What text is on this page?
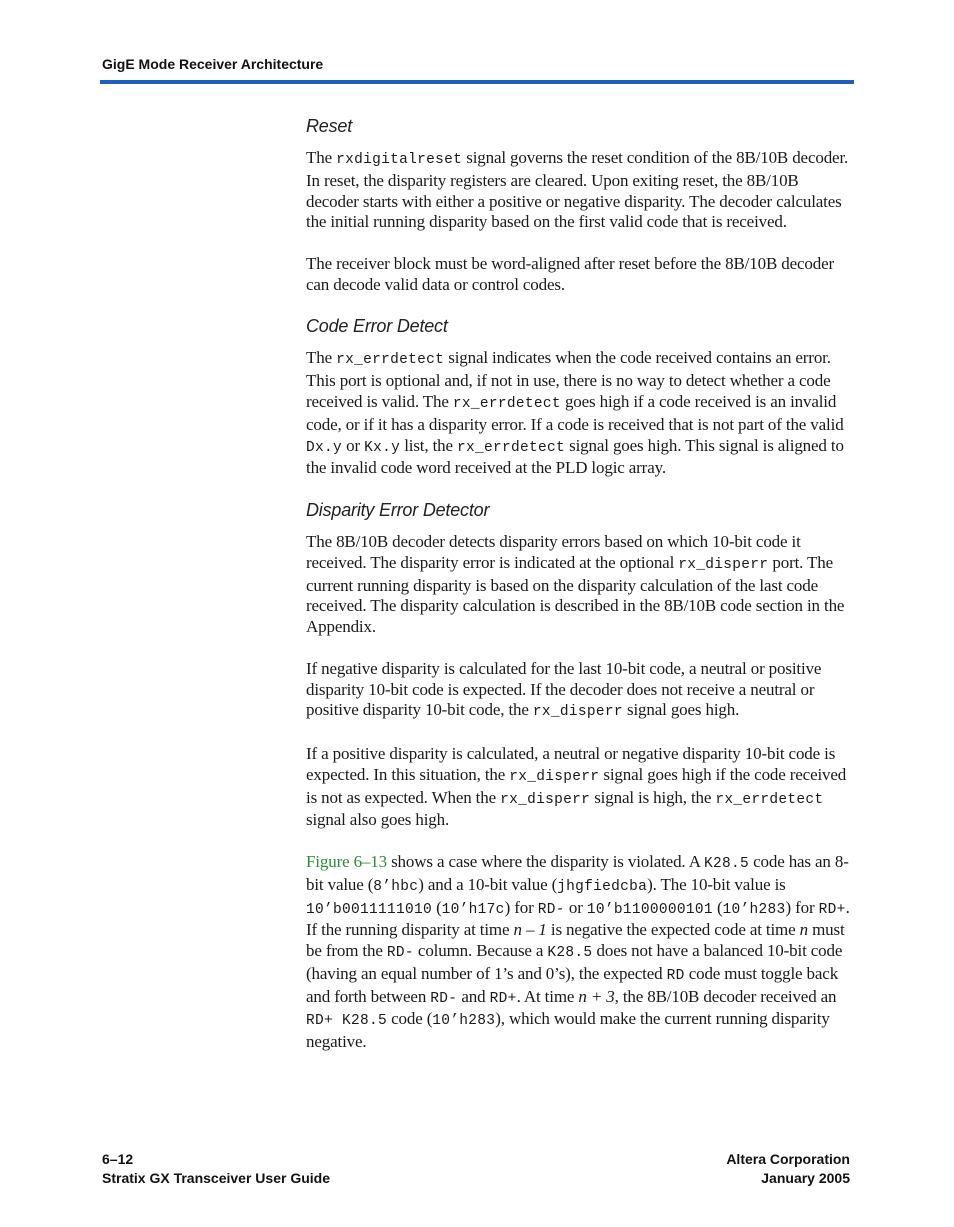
GigE Mode Receiver Architecture
Reset

The rxdigitalreset signal governs the reset condition of the 8B/10B decoder. In reset, the disparity registers are cleared. Upon exiting reset, the 8B/10B decoder starts with either a positive or negative disparity. The decoder calculates the initial running disparity based on the first valid code that is received.

The receiver block must be word-aligned after reset before the 8B/10B decoder can decode valid data or control codes.

Code Error Detect

The rx_errdetect signal indicates when the code received contains an error. This port is optional and, if not in use, there is no way to detect whether a code received is valid. The rx_errdetect goes high if a code received is an invalid code, or if it has a disparity error. If a code is received that is not part of the valid Dx.y or Kx.y list, the rx_errdetect signal goes high. This signal is aligned to the invalid code word received at the PLD logic array.

Disparity Error Detector

The 8B/10B decoder detects disparity errors based on which 10-bit code it received. The disparity error is indicated at the optional rx_disperr port. The current running disparity is based on the disparity calculation of the last code received. The disparity calculation is described in the 8B/10B code section in the Appendix.

If negative disparity is calculated for the last 10-bit code, a neutral or positive disparity 10-bit code is expected. If the decoder does not receive a neutral or positive disparity 10-bit code, the rx_disperr signal goes high.

If a positive disparity is calculated, a neutral or negative disparity 10-bit code is expected. In this situation, the rx_disperr signal goes high if the code received is not as expected. When the rx_disperr signal is high, the rx_errdetect signal also goes high.

Figure 6–13 shows a case where the disparity is violated. A K28.5 code has an 8-bit value (8’hbc) and a 10-bit value (jhgfiedcba). The 10-bit value is 10’b0011111010 (10’h17c) for RD- or 10’b1100000101 (10’h283) for RD+. If the running disparity at time n – 1 is negative the expected code at time n must be from the RD- column. Because a K28.5 does not have a balanced 10-bit code (having an equal number of 1’s and 0’s), the expected RD code must toggle back and forth between RD- and RD+. At time n + 3, the 8B/10B decoder received an RD+ K28.5 code (10’h283), which would make the current running disparity negative.

6–12
Stratix GX Transceiver User Guide
Altera Corporation
January 2005
